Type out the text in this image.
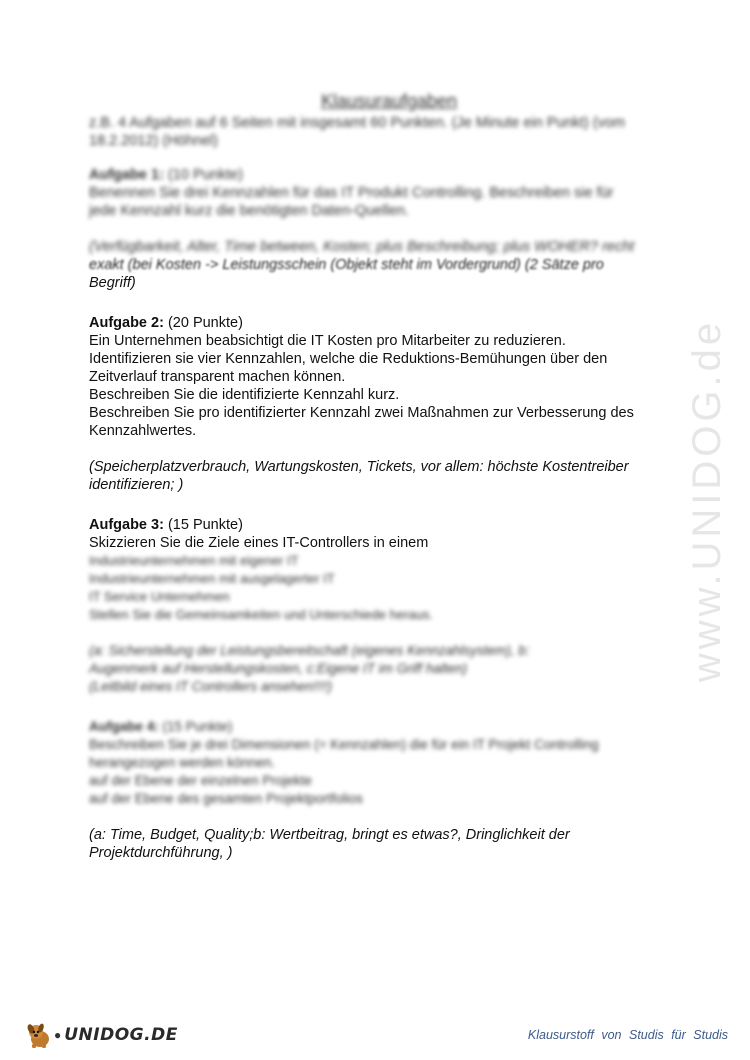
www.UNIDOG.de
Klausuraufgaben
z.B. 4 Aufgaben auf 6 Seiten mit insgesamt 60 Punkten. (Je Minute ein Punkt) (vom
18.2.2012) (Höhnel)
Aufgabe 1: (10 Punkte)
Benennen Sie drei Kennzahlen für das IT Produkt Controlling. Beschreiben sie für
jede Kennzahl kurz die benötigten Daten-Quellen.
(Verfügbarkeit, Alter, Time between, Kosten; plus Beschreibung; plus WOHER? recht
exakt (bei Kosten -> Leistungsschein (Objekt steht im Vordergrund) (2 Sätze pro
Begriff)
Aufgabe 2: (20 Punkte)
Ein Unternehmen beabsichtigt die IT Kosten pro Mitarbeiter zu reduzieren.
Identifizieren sie vier Kennzahlen, welche die Reduktions-Bemühungen über den
Zeitverlauf transparent machen können.
Beschreiben Sie die identifizierte Kennzahl kurz.
Beschreiben Sie pro identifizierter Kennzahl zwei Maßnahmen zur Verbesserung des
Kennzahlwertes.
(Speicherplatzverbrauch, Wartungskosten, Tickets, vor allem: höchste Kostentreiber
identifizieren; )
Aufgabe 3: (15 Punkte)
Skizzieren Sie die Ziele eines IT-Controllers in einem
Industrieunternehmen mit eigener IT
Industrieunternehmen mit ausgelagerter IT
IT Service Unternehmen
Stellen Sie die Gemeinsamkeiten und Unterschiede heraus.
(a: Sicherstellung der Leistungsbereitschaft (eigenes Kennzahlsystem), b:
Augenmerk auf Herstellungskosten, c:Eigene IT im Griff halten)
(Leitbild eines IT Controllers ansehen!!!!)
Aufgabe 4: (15 Punkte)
Beschreiben Sie je drei Dimensionen (= Kennzahlen) die für ein IT Projekt Controlling
herangezogen werden können.
auf der Ebene der einzelnen Projekte
auf der Ebene des gesamten Projektportfolios
(a: Time, Budget, Quality;b: Wertbeitrag, bringt es etwas?, Dringlichkeit der
Projektdurchführung, )
● UNIDOG.DE	Klausurstoff von Studis für Studis
